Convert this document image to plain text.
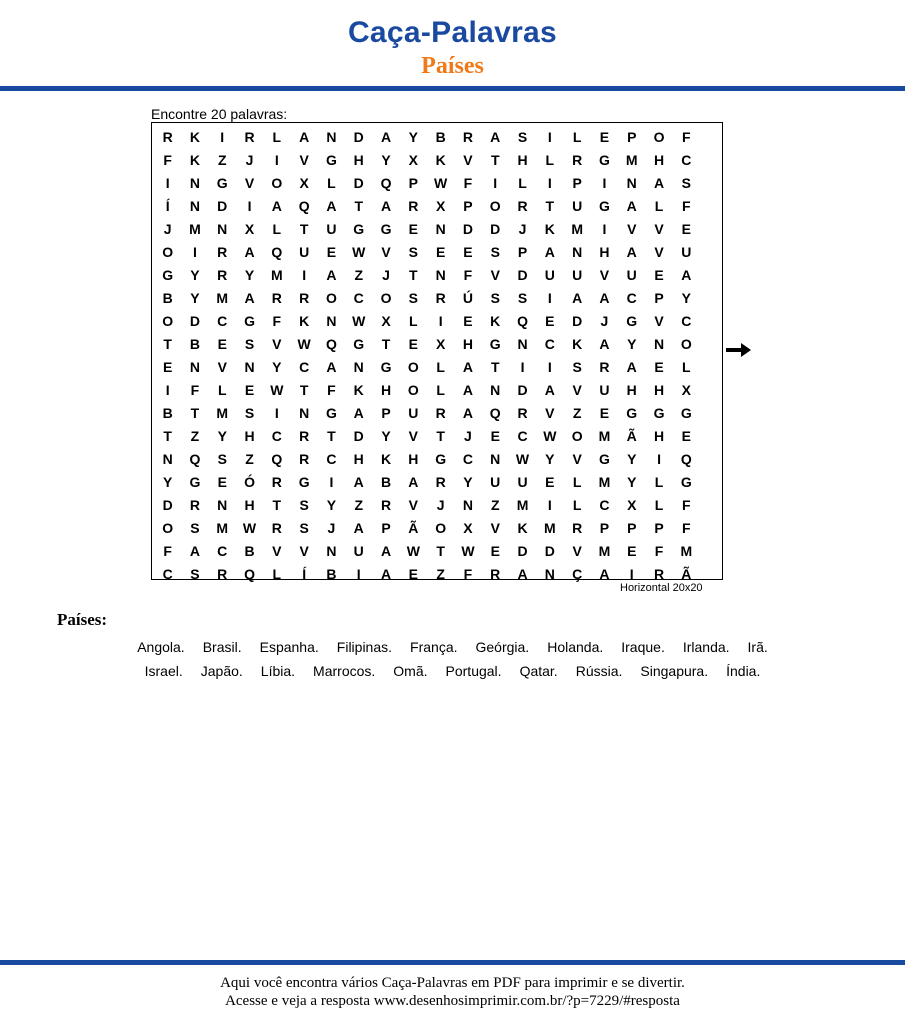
Caça-Palavras
Países
Encontre 20 palavras:
R	K	I	R	L	A	N	D	A	Y	B	R	A	S	I	L	E	P	O	F
F	K	Z	J	I	V	G	H	Y	X	K	V	T	H	L	R	G	M	H	C
I	N	G	V	O	X	L	D	Q	P	W	F	I	L	I	P	I	N	A	S
Í	N	D	I	A	Q	A	T	A	R	X	P	O	R	T	U	G	A	L	F
J	M	N	X	L	T	U	G	G	E	N	D	D	J	K	M	I	V	V	E
O	I	R	A	Q	U	E	W	V	S	E	E	S	P	A	N	H	A	V	U
G	Y	R	Y	M	I	A	Z	J	T	N	F	V	D	U	U	V	U	E	A
B	Y	M	A	R	R	O	C	O	S	R	Ú	S	S	I	A	A	C	P	Y
O	D	C	G	F	K	N	W	X	L	I	E	K	Q	E	D	J	G	V	C
T	B	E	S	V	W	Q	G	T	E	X	H	G	N	C	K	A	Y	N	O
E	N	V	N	Y	C	A	N	G	O	L	A	T	I	I	S	R	A	E	L
I	F	L	E	W	T	F	K	H	O	L	A	N	D	A	V	U	H	H	X
B	T	M	S	I	N	G	A	P	U	R	A	Q	R	V	Z	E	G	G	G
T	Z	Y	H	C	R	T	D	Y	V	T	J	E	C	W	O	M	Ã	H	E
N	Q	S	Z	Q	R	C	H	K	H	G	C	N	W	Y	V	G	Y	I	Q
Y	G	E	Ó	R	G	I	A	B	A	R	Y	U	U	E	L	M	Y	L	G
D	R	N	H	T	S	Y	Z	R	V	J	N	Z	M	I	L	C	X	L	F
O	S	M	W	R	S	J	A	P	Ã	O	X	V	K	M	R	P	P	P	F
F	A	C	B	V	V	N	U	A	W	T	W	E	D	D	V	M	E	F	M
C	S	R	Q	L	Í	B	I	A	E	Z	F	R	A	N	Ç	A	I	R	Ã
Horizontal 20x20
Países:
Angola. Brasil. Espanha. Filipinas. França. Geórgia. Holanda. Iraque. Irlanda. Irã.
Israel. Japão. Líbia. Marrocos. Omã. Portugal. Qatar. Rússia. Singapura. Índia.
Aqui você encontra vários Caça-Palavras em PDF para imprimir e se divertir.
Acesse e veja a resposta www.desenhosimprimir.com.br/?p=7229/#resposta
